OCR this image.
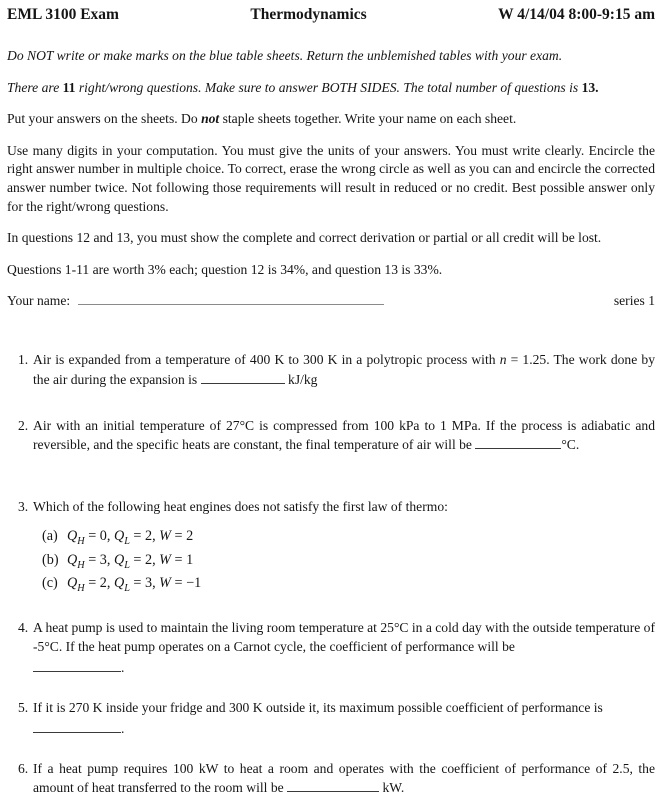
EML 3100 Exam	Thermodynamics	W 4/14/04 8:00-9:15 am

Do NOT write or make marks on the blue table sheets. Return the unblemished tables with your exam.

There are 11 right/wrong questions. Make sure to answer BOTH SIDES. The total number of questions is 13.

Put your answers on the sheets. Do not staple sheets together. Write your name on each sheet.

Use many digits in your computation. You must give the units of your answers. You must write clearly. Encircle the right answer number in multiple choice. To correct, erase the wrong circle as well as you can and encircle the corrected answer number twice. Not following those requirements will result in reduced or no credit. Best possible answer only for the right/wrong questions.

In questions 12 and 13, you must show the complete and correct derivation or partial or all credit will be lost.

Questions 1-11 are worth 3% each; question 12 is 34%, and question 13 is 33%.

Your name:	series 1
1. Air is expanded from a temperature of 400 K to 300 K in a polytropic process with n = 1.25. The work done by the air during the expansion is	kJ/kg
2. Air with an initial temperature of 27°C is compressed from 100 kPa to 1 MPa. If the process is adiabatic and reversible, and the specific heats are constant, the final temperature of air will be	°C.
3. Which of the following heat engines does not satisfy the first law of thermo:
(a) $Q_H = 0$, $Q_L = 2$, W = 2
(b) $Q_H = 3$, $Q_L = 2$, W = 1
(c) $Q_H = 2$, $Q_L = 3$, W = −1
4. A heat pump is used to maintain the living room temperature at 25°C in a cold day with the outside temperature of -5°C. If the heat pump operates on a Carnot cycle, the coefficient of performance will be
.
5. If it is 270 K inside your fridge and 300 K outside it, its maximum possible coefficient of performance is
.
6. If a heat pump requires 100 kW to heat a room and operates with the coefficient of performance of 2.5, the amount of heat transferred to the room will be	kW.
